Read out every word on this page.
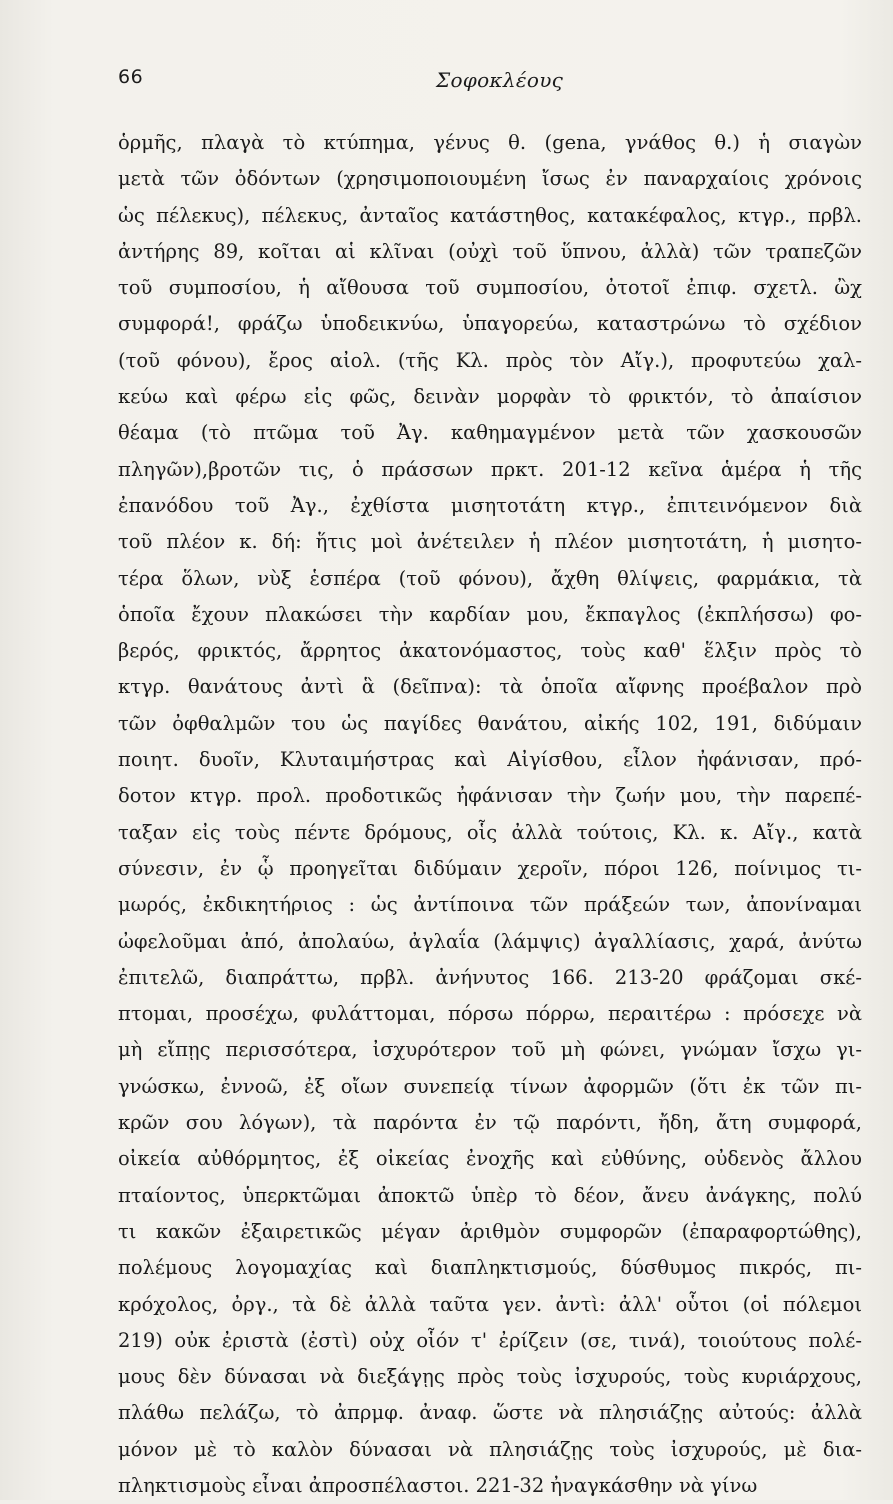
66	Σοφοκλέους
ὁρμῆς, πλαγὰ τὸ κτύπημα, γένυς θ. (gena, γνάθος θ.) ἡ σιαγὼν
μετὰ τῶν ὀδόντων (χρησιμοποιουμένη ἴσως ἐν παναρχαίοις χρόνοις
ὡς πέλεκυς), πέλεκυς, ἀνταῖος κατάστηθος, κατακέφαλος, κτγρ., πρβλ.
ἀντήρης 89, κοῖται αἱ κλῖναι (οὐχὶ τοῦ ὕπνου, ἀλλὰ) τῶν τραπεζῶν
τοῦ συμποσίου, ἡ αἴθουσα τοῦ συμποσίου, ὀτοτοῖ ἐπιφ. σχετλ. ὢχ
συμφορά!, φράζω ὑποδεικνύω, ὑπαγορεύω, καταστρώνω τὸ σχέδιον
(τοῦ φόνου), ἔρος αἰολ. (τῆς Κλ. πρὸς τὸν Αἴγ.), προφυτεύω χαλ-
κεύω καὶ φέρω εἰς φῶς, δεινὰν μορφὰν τὸ φρικτόν, τὸ ἀπαίσιον
θέαμα (τὸ πτῶμα τοῦ Ἀγ. καθημαγμένον μετὰ τῶν χασκουσῶν
πληγῶν),βροτῶν τις, ὁ πράσσων πρκτ. 201-12 κεῖνα ἁμέρα ἡ τῆς
ἐπανόδου τοῦ Ἀγ., ἐχθίστα μισητοτάτη κτγρ., ἐπιτεινόμενον διὰ
τοῦ πλέον κ. δή: ἥτις μοὶ ἀνέτειλεν ἡ πλέον μισητοτάτη, ἡ μισητο-
τέρα ὅλων, νὺξ ἑσπέρα (τοῦ φόνου), ἄχθη θλίψεις, φαρμάκια, τὰ
ὁποῖα ἔχουν πλακώσει τὴν καρδίαν μου, ἔκπαγλος (ἐκπλήσσω) φο-
βερός, φρικτός, ἄρρητος ἀκατονόμαστος, τοὺς καθ' ἕλξιν πρὸς τὸ
κτγρ. θανάτους ἀντὶ ἃ (δεῖπνα): τὰ ὁποῖα αἴφνης προέβαλον πρὸ
τῶν ὀφθαλμῶν του ὡς παγίδες θανάτου, αἰκής 102, 191, διδύμαιν
ποιητ. δυοῖν, Κλυταιμήστρας καὶ Αἰγίσθου, εἷλον ἠφάνισαν, πρό-
δοτον κτγρ. προλ. προδοτικῶς ἠφάνισαν τὴν ζωήν μου, τὴν παρεπέ-
ταξαν εἰς τοὺς πέντε δρόμους, οἷς ἀλλὰ τούτοις, Κλ. κ. Αἴγ., κατὰ
σύνεσιν, ἐν ᾧ προηγεῖται διδύμαιν χεροῖν, πόροι 126, ποίνιμος τι-
μωρός, ἐκδικητήριος : ὡς ἀντίποινα τῶν πράξεών των, ἀπονίναμαι
ὠφελοῦμαι ἀπό, ἀπολαύω, ἀγλαΐα (λάμψις) ἀγαλλίασις, χαρά, ἀνύτω
ἐπιτελῶ, διαπράττω, πρβλ. ἀνήνυτος 166. 213-20 φράζομαι σκέ-
πτομαι, προσέχω, φυλάττομαι, πόρσω πόρρω, περαιτέρω : πρόσεχε νὰ
μὴ εἴπῃς περισσότερα, ἰσχυρότερον τοῦ μὴ φώνει, γνώμαν ἴσχω γι-
γνώσκω, ἐννοῶ, ἐξ οἴων συνεπείᾳ τίνων ἀφορμῶν (ὅτι ἐκ τῶν πι-
κρῶν σου λόγων), τὰ παρόντα ἐν τῷ παρόντι, ἤδη, ἄτη συμφορά,
οἰκεία αὐθόρμητος, ἐξ οἰκείας ἐνοχῆς καὶ εὐθύνης, οὐδενὸς ἄλλου
πταίοντος, ὑπερκτῶμαι ἀποκτῶ ὑπὲρ τὸ δέον, ἄνευ ἀνάγκης, πολύ
τι κακῶν ἐξαιρετικῶς μέγαν ἀριθμὸν συμφορῶν (ἐπαραφορτώθης),
πολέμους λογομαχίας καὶ διαπληκτισμούς, δύσθυμος πικρός, πι-
κρόχολος, ὀργ., τὰ δὲ ἀλλὰ ταῦτα γεν. ἀντὶ: ἀλλ' οὗτοι (οἱ πόλεμοι
219) οὐκ ἐριστὰ (ἐστὶ) οὐχ οἷόν τ' ἐρίζειν (σε, τινά), τοιούτους πολέ-
μους δὲν δύνασαι νὰ διεξάγῃς πρὸς τοὺς ἰσχυρούς, τοὺς κυριάρχους,
πλάθω πελάζω, τὸ ἀπρμφ. ἀναφ. ὥστε νὰ πλησιάζῃς αὐτούς: ἀλλὰ
μόνον μὲ τὸ καλὸν δύνασαι νὰ πλησιάζῃς τοὺς ἰσχυρούς, μὲ δια-
πληκτισμοὺς εἶναι ἀπροσπέλαστοι. 221-32 ἠναγκάσθην νὰ γίνω
